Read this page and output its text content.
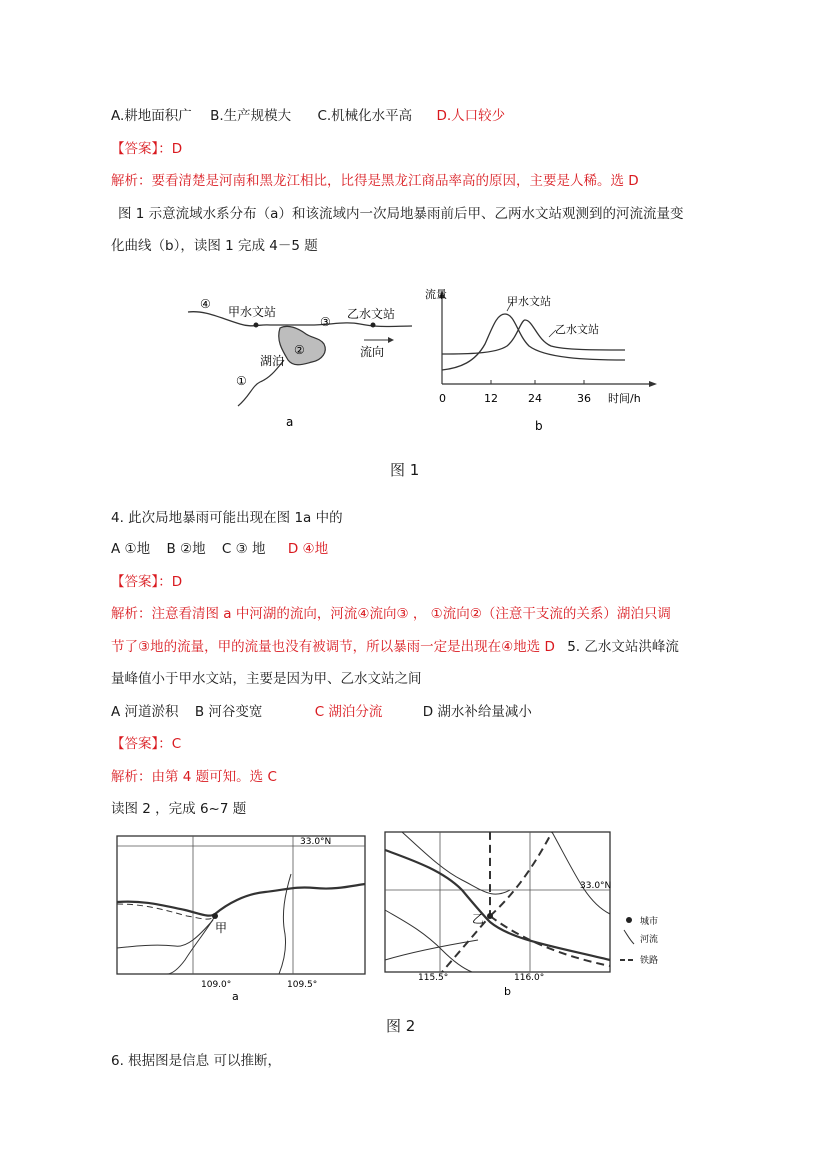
A.耕地面积广 B.生产规模大 C.机械化水平高 D.人口较少
【答案】：D
解析：要看清楚是河南和黑龙江相比，比得是黑龙江商品率高的原因，主要是人稀。选 D
图 1 示意流域水系分布（a）和该流域内一次局地暴雨前后甲、乙两水文站观测到的河流流量变
化曲线（b），读图 1 完成 4－5 题
④
甲水文站
③
乙水文站
②
湖泊
流向
①
a
流量
甲水文站
乙水文站
0	12	24	36 时间/h
b
图 1
4. 此次局地暴雨可能出现在图 1a 中的
A ①地 B ②地 C ③ 地 D ④地
【答案】：D
解析：注意看清图 a 中河湖的流向，河流④流向③ ， ①流向②（注意干支流的关系）湖泊只调
节了③地的流量，甲的流量也没有被调节，所以暴雨一定是出现在④地选 D 5. 乙水文站洪峰流
量峰值小于甲水文站，主要是因为甲、乙水文站之间
A 河道淤积 B 河谷变宽	C 湖泊分流	D 湖水补给量减小
【答案】：C
解析：由第 4 题可知。选 C
读图 2 ，完成 6~7 题
33.0°N
甲
109.0°	109.5°
a
乙
33.0°N
115.5°	116.0°
b
城市
河流
铁路
图 2
6. 根据图是信息 可以推断，
